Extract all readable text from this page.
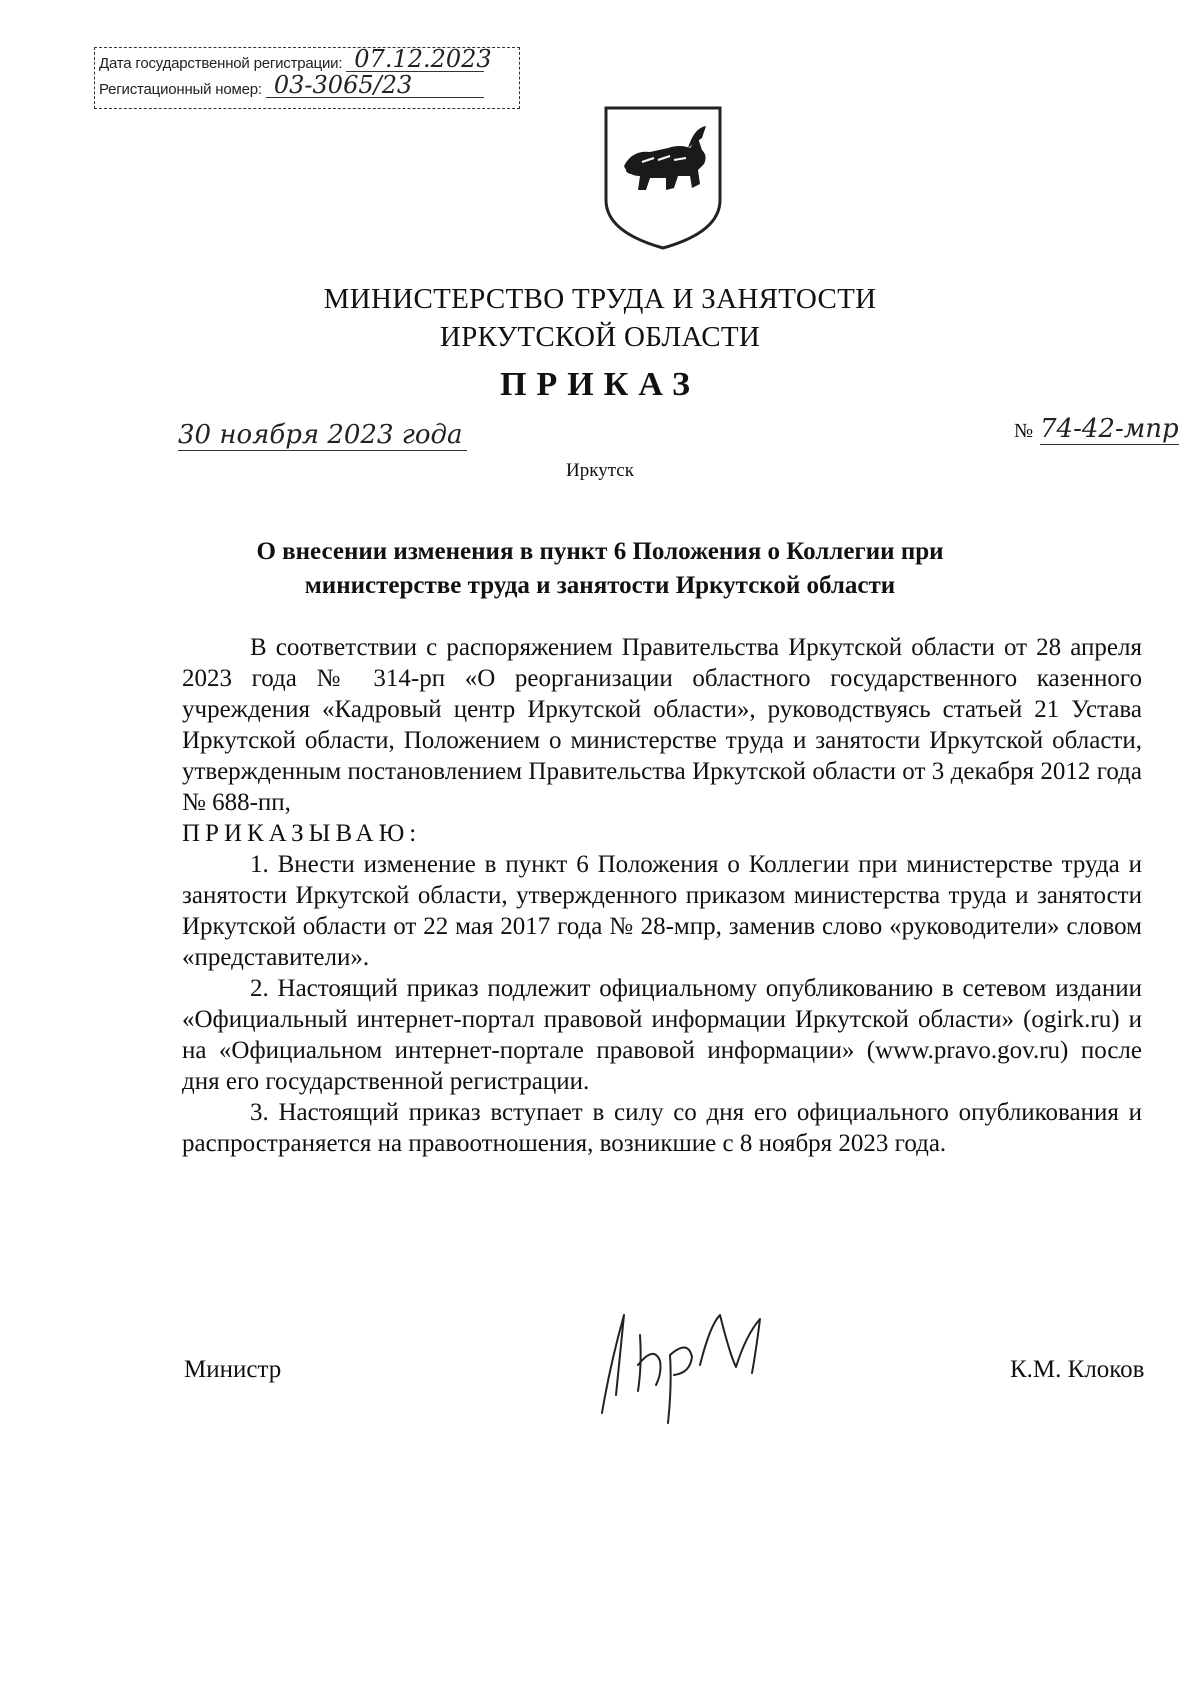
Дата государственной регистрации: 07.12.2023
Регистационный номер: 03-3065/23
МИНИСТЕРСТВО ТРУДА И ЗАНЯТОСТИ
ИРКУТСКОЙ ОБЛАСТИ
ПРИКАЗ
30 ноября 2023 года	№ 74-42-мпр
Иркутск
О внесении изменения в пункт 6 Положения о Коллегии при
министерстве труда и занятости Иркутской области

В соответствии с распоряжением Правительства Иркутской области от 28 апреля 2023 года № 314-рп «О реорганизации областного государственного казенного учреждения «Кадровый центр Иркутской области», руководствуясь статьей 21 Устава Иркутской области, Положением о министерстве труда и занятости Иркутской области, утвержденным постановлением Правительства Иркутской области от 3 декабря 2012 года № 688-пп,

ПРИКАЗЫВАЮ:

1. Внести изменение в пункт 6 Положения о Коллегии при министерстве труда и занятости Иркутской области, утвержденного приказом министерства труда и занятости Иркутской области от 22 мая 2017 года № 28-мпр, заменив слово «руководители» словом «представители».

2. Настоящий приказ подлежит официальному опубликованию в сетевом издании «Официальный интернет-портал правовой информации Иркутской области» (ogirk.ru) и на «Официальном интернет-портале правовой информации» (www.pravo.gov.ru) после дня его государственной регистрации.

3. Настоящий приказ вступает в силу со дня его официального опубликования и распространяется на правоотношения, возникшие с 8 ноября 2023 года.

Министр	К.М. Клоков
